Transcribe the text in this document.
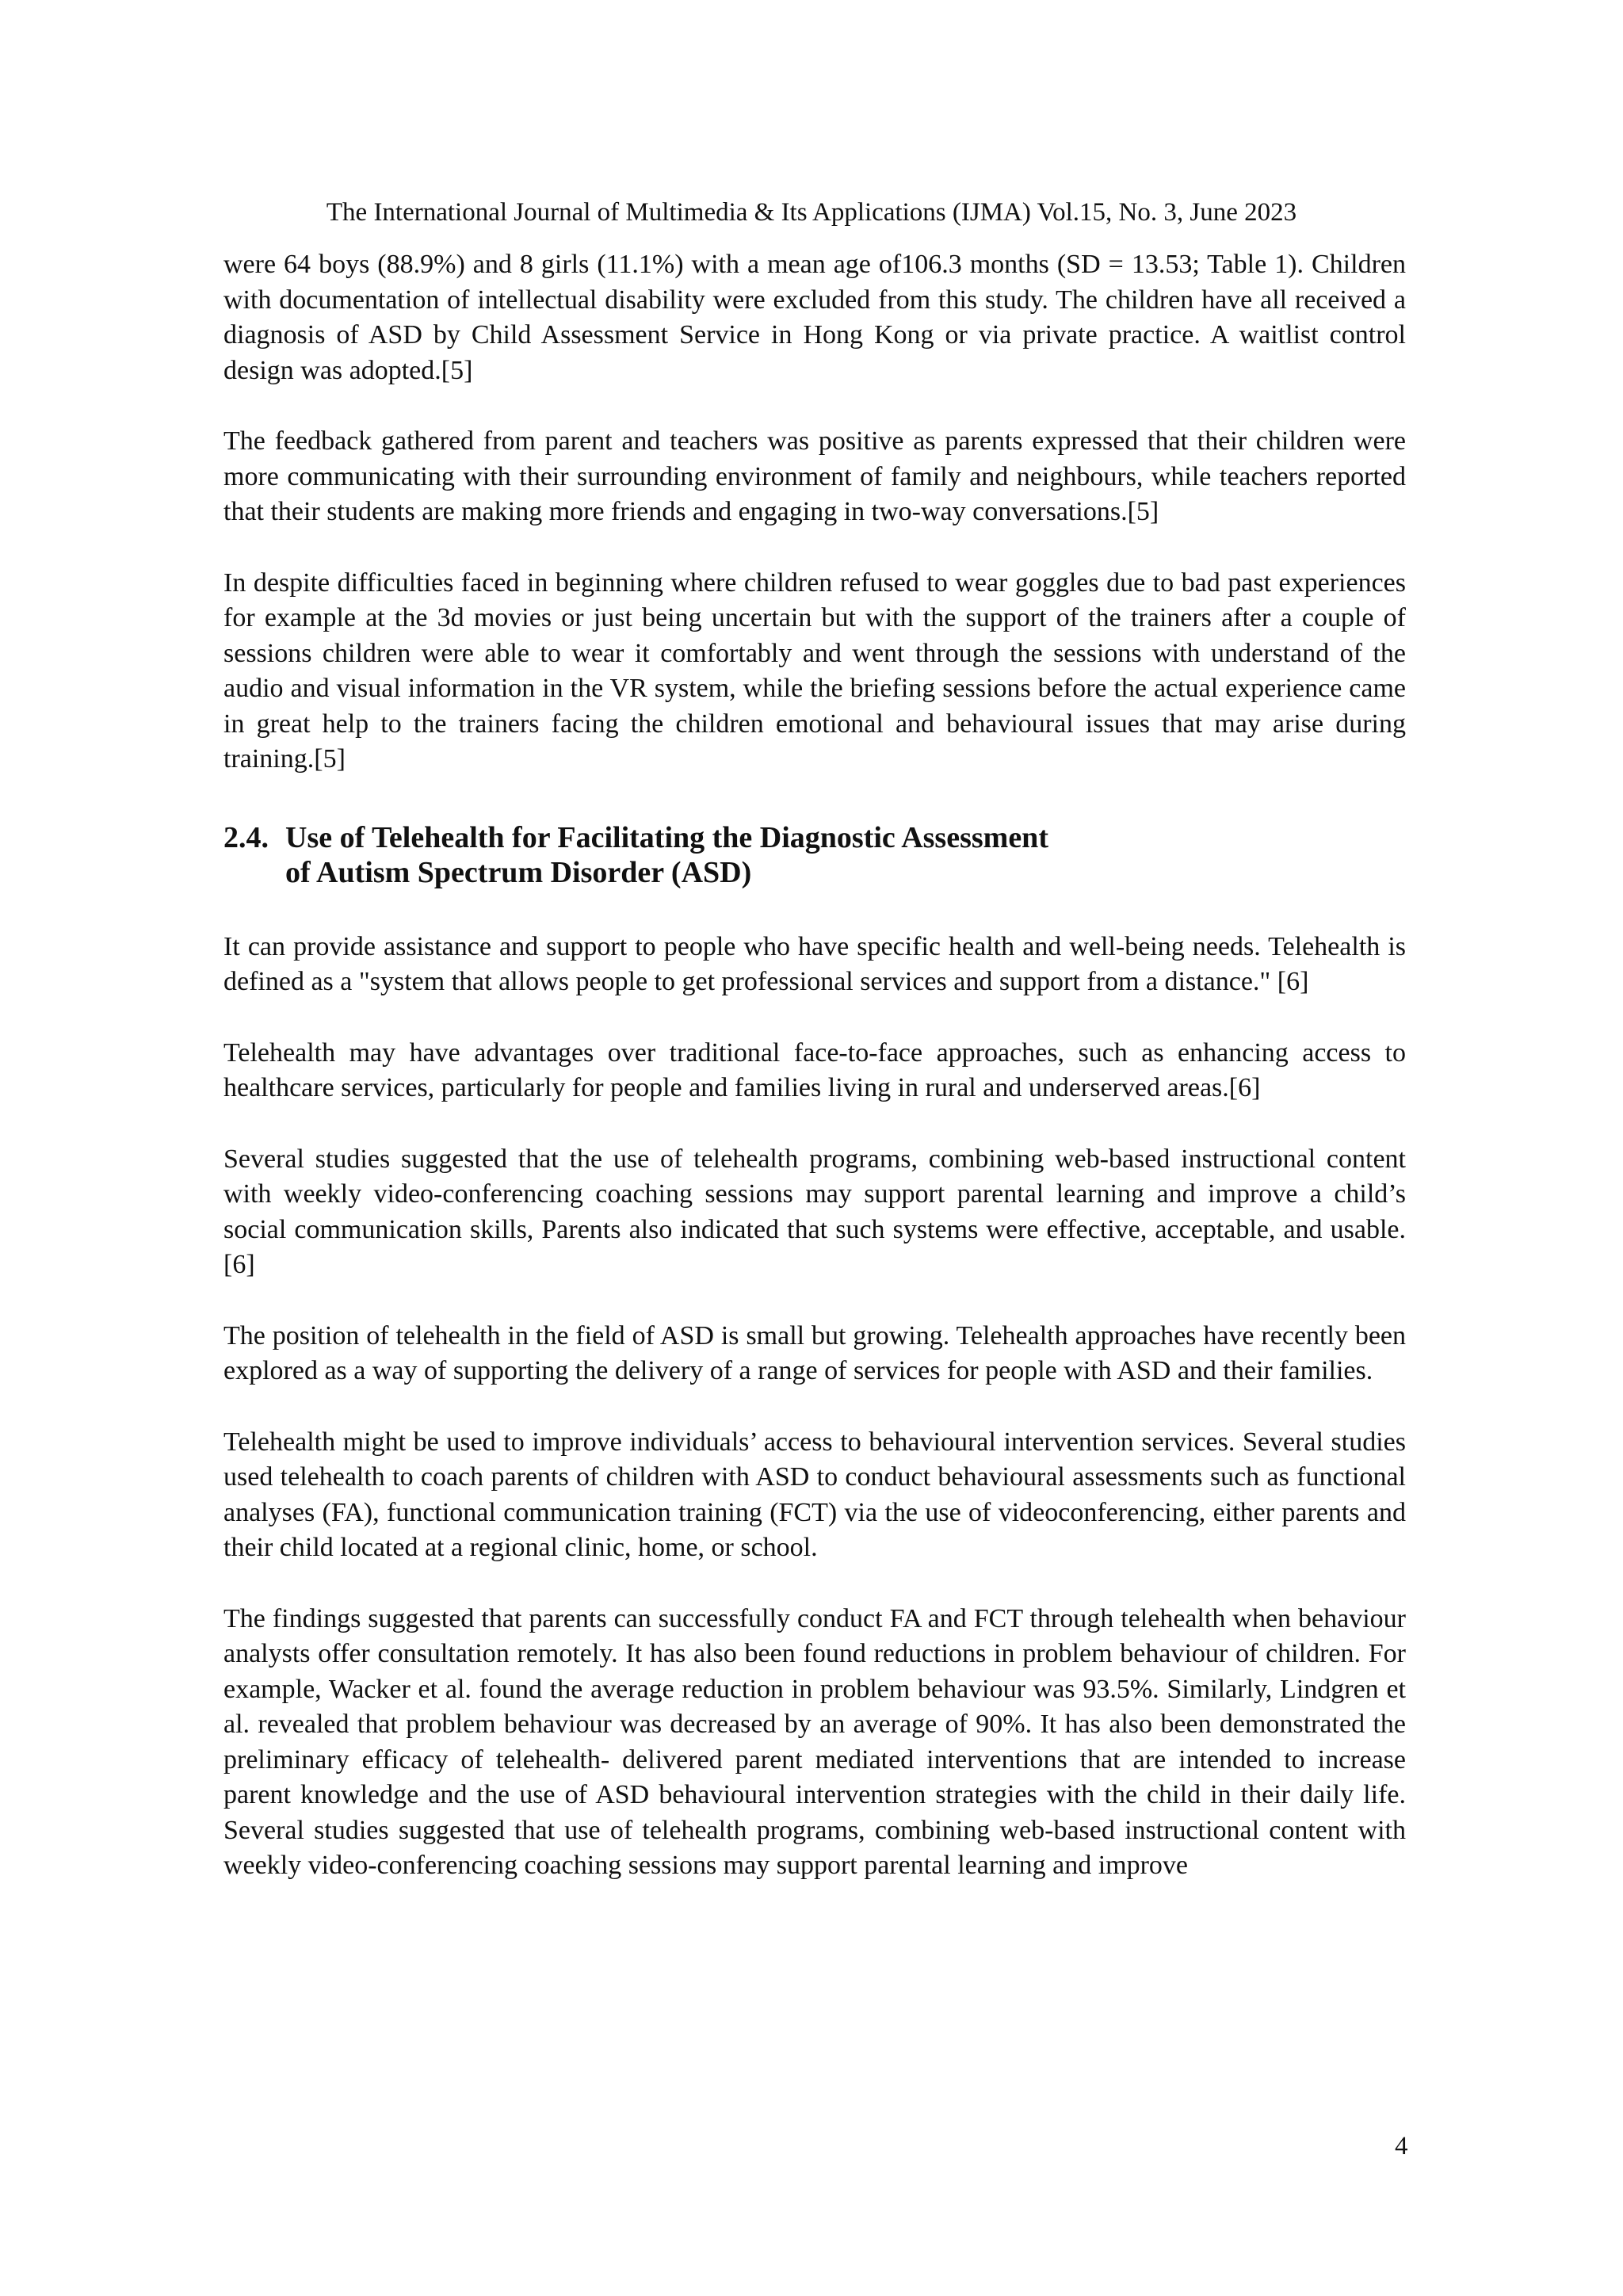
The International Journal of Multimedia & Its Applications (IJMA) Vol.15, No. 3, June 2023

were 64 boys (88.9%) and 8 girls (11.1%) with a mean age of106.3 months (SD = 13.53; Table 1). Children with documentation of intellectual disability were excluded from this study. The children have all received a diagnosis of ASD by Child Assessment Service in Hong Kong or via private practice. A waitlist control design was adopted.[5]

The feedback gathered from parent and teachers was positive as parents expressed that their children were more communicating with their surrounding environment of family and neighbours, while teachers reported that their students are making more friends and engaging in two-way conversations.[5]

In despite difficulties faced in beginning where children refused to wear goggles due to bad past experiences for example at the 3d movies or just being uncertain but with the support of the trainers after a couple of sessions children were able to wear it comfortably and went through the sessions with understand of the audio and visual information in the VR system, while the briefing sessions before the actual experience came in great help to the trainers facing the children emotional and behavioural issues that may arise during training.[5]

2.4. Use of Telehealth for Facilitating the Diagnostic Assessment of Autism Spectrum Disorder (ASD)

It can provide assistance and support to people who have specific health and well-being needs. Telehealth is defined as a "system that allows people to get professional services and support from a distance." [6]

Telehealth may have advantages over traditional face-to-face approaches, such as enhancing access to healthcare services, particularly for people and families living in rural and underserved areas.[6]

Several studies suggested that the use of telehealth programs, combining web-based instructional content with weekly video-conferencing coaching sessions may support parental learning and improve a child’s social communication skills, Parents also indicated that such systems were effective, acceptable, and usable.[6]

The position of telehealth in the field of ASD is small but growing. Telehealth approaches have recently been explored as a way of supporting the delivery of a range of services for people with ASD and their families.

Telehealth might be used to improve individuals’ access to behavioural intervention services. Several studies used telehealth to coach parents of children with ASD to conduct behavioural assessments such as functional analyses (FA), functional communication training (FCT) via the use of videoconferencing, either parents and their child located at a regional clinic, home, or school.

The findings suggested that parents can successfully conduct FA and FCT through telehealth when behaviour analysts offer consultation remotely. It has also been found reductions in problem behaviour of children. For example, Wacker et al. found the average reduction in problem behaviour was 93.5%. Similarly, Lindgren et al. revealed that problem behaviour was decreased by an average of 90%. It has also been demonstrated the preliminary efficacy of telehealth- delivered parent mediated interventions that are intended to increase parent knowledge and the use of ASD behavioural intervention strategies with the child in their daily life. Several studies suggested that use of telehealth programs, combining web-based instructional content with weekly video-conferencing coaching sessions may support parental learning and improve

4
